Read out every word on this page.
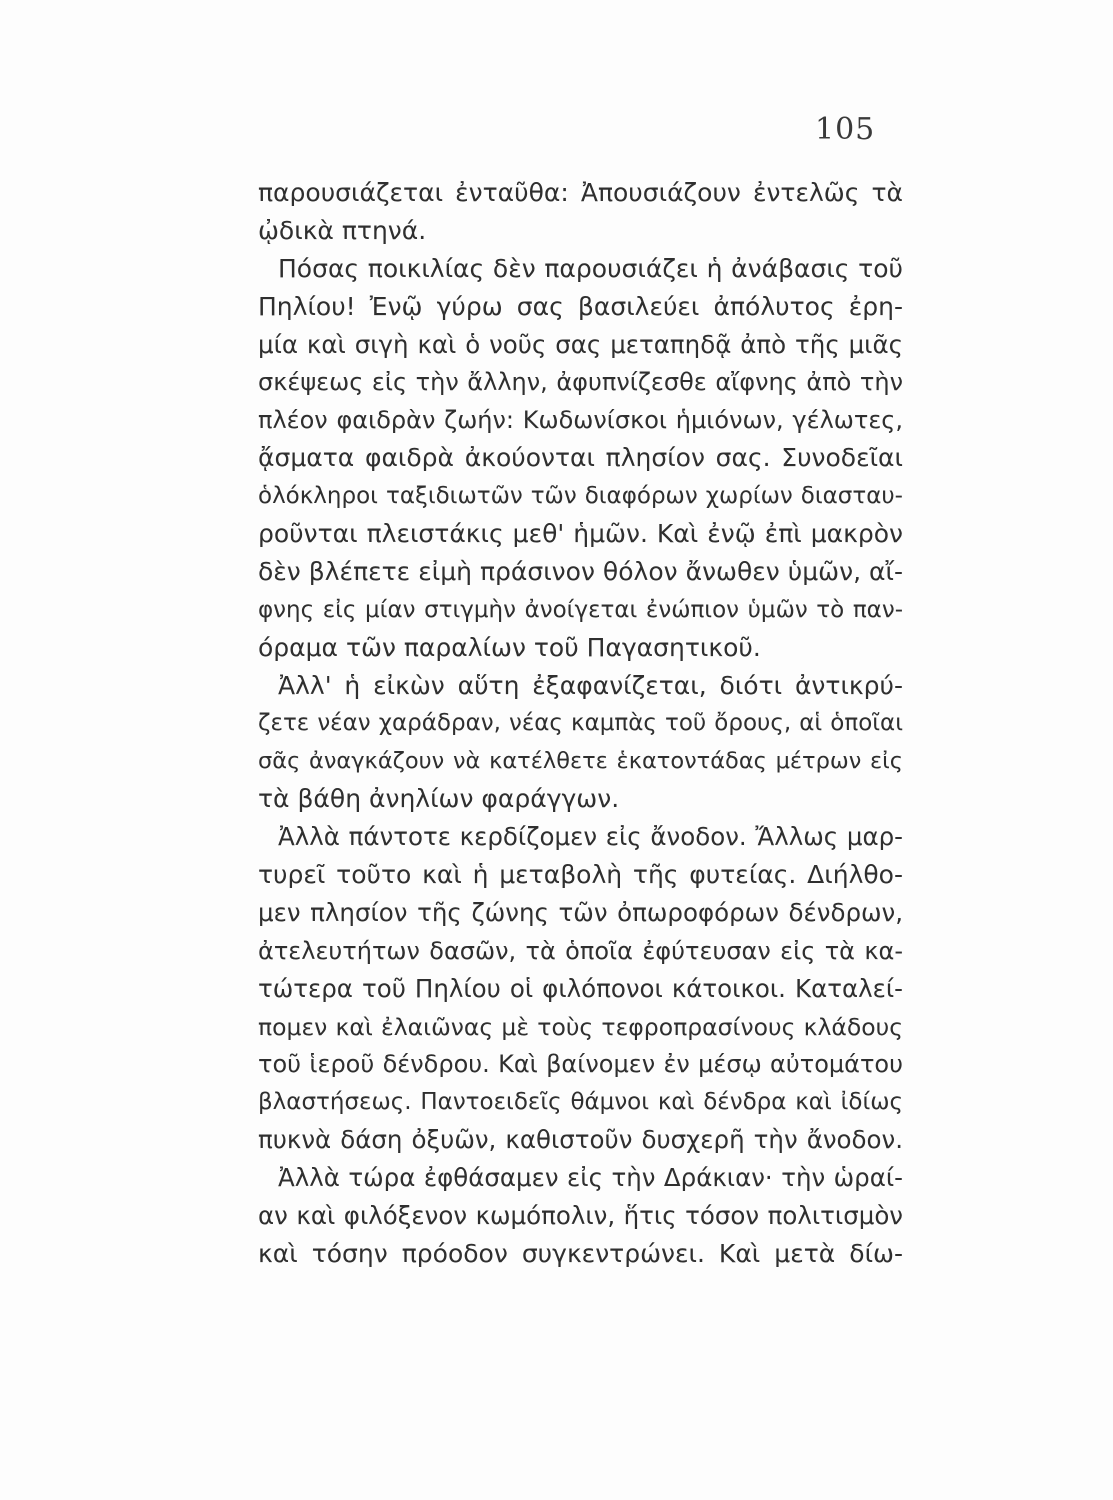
105
παρουσιάζεται ἐνταῦθα: Ἀπουσιάζουν ἐντελῶς τὰ
ᾠδικὰ πτηνά.
Πόσας ποικιλίας δὲν παρουσιάζει ἡ ἀνάβασις τοῦ
Πηλίου! Ἐνῷ γύρω σας βασιλεύει ἀπόλυτος ἐρη-
μία καὶ σιγὴ καὶ ὁ νοῦς σας μεταπηδᾷ ἀπὸ τῆς μιᾶς
σκέψεως εἰς τὴν ἄλλην, ἀφυπνίζεσθε αἴφνης ἀπὸ τὴν
πλέον φαιδρὰν ζωήν: Κωδωνίσκοι ἡμιόνων, γέλωτες,
ᾄσματα φαιδρὰ ἀκούονται πλησίον σας. Συνοδεῖαι
ὁλόκληροι ταξιδιωτῶν τῶν διαφόρων χωρίων διασταυ-
ροῦνται πλειστάκις μεθ' ἡμῶν. Καὶ ἐνῷ ἐπὶ μακρὸν
δὲν βλέπετε εἰμὴ πράσινον θόλον ἄνωθεν ὑμῶν, αἴ-
φνης εἰς μίαν στιγμὴν ἀνοίγεται ἐνώπιον ὑμῶν τὸ παν-
όραμα τῶν παραλίων τοῦ Παγασητικοῦ.
Ἀλλ' ἡ εἰκὼν αὕτη ἐξαφανίζεται, διότι ἀντικρύ-
ζετε νέαν χαράδραν, νέας καμπὰς τοῦ ὄρους, αἱ ὁποῖαι
σᾶς ἀναγκάζουν νὰ κατέλθετε ἑκατοντάδας μέτρων εἰς
τὰ βάθη ἀνηλίων φαράγγων.
Ἀλλὰ πάντοτε κερδίζομεν εἰς ἄνοδον. Ἄλλως μαρ-
τυρεῖ τοῦτο καὶ ἡ μεταβολὴ τῆς φυτείας. Διήλθο-
μεν πλησίον τῆς ζώνης τῶν ὀπωροφόρων δένδρων,
ἀτελευτήτων δασῶν, τὰ ὁποῖα ἐφύτευσαν εἰς τὰ κα-
τώτερα τοῦ Πηλίου οἱ φιλόπονοι κάτοικοι. Καταλεί-
πομεν καὶ ἐλαιῶνας μὲ τοὺς τεφροπρασίνους κλάδους
τοῦ ἱεροῦ δένδρου. Καὶ βαίνομεν ἐν μέσῳ αὐτομάτου
βλαστήσεως. Παντοειδεῖς θάμνοι καὶ δένδρα καὶ ἰδίως
πυκνὰ δάση ὀξυῶν, καθιστοῦν δυσχερῆ τὴν ἄνοδον.
Ἀλλὰ τώρα ἐφθάσαμεν εἰς τὴν Δράκιαν· τὴν ὡραί-
αν καὶ φιλόξενον κωμόπολιν, ἥτις τόσον πολιτισμὸν
καὶ τόσην πρόοδον συγκεντρώνει. Καὶ μετὰ δίω-
